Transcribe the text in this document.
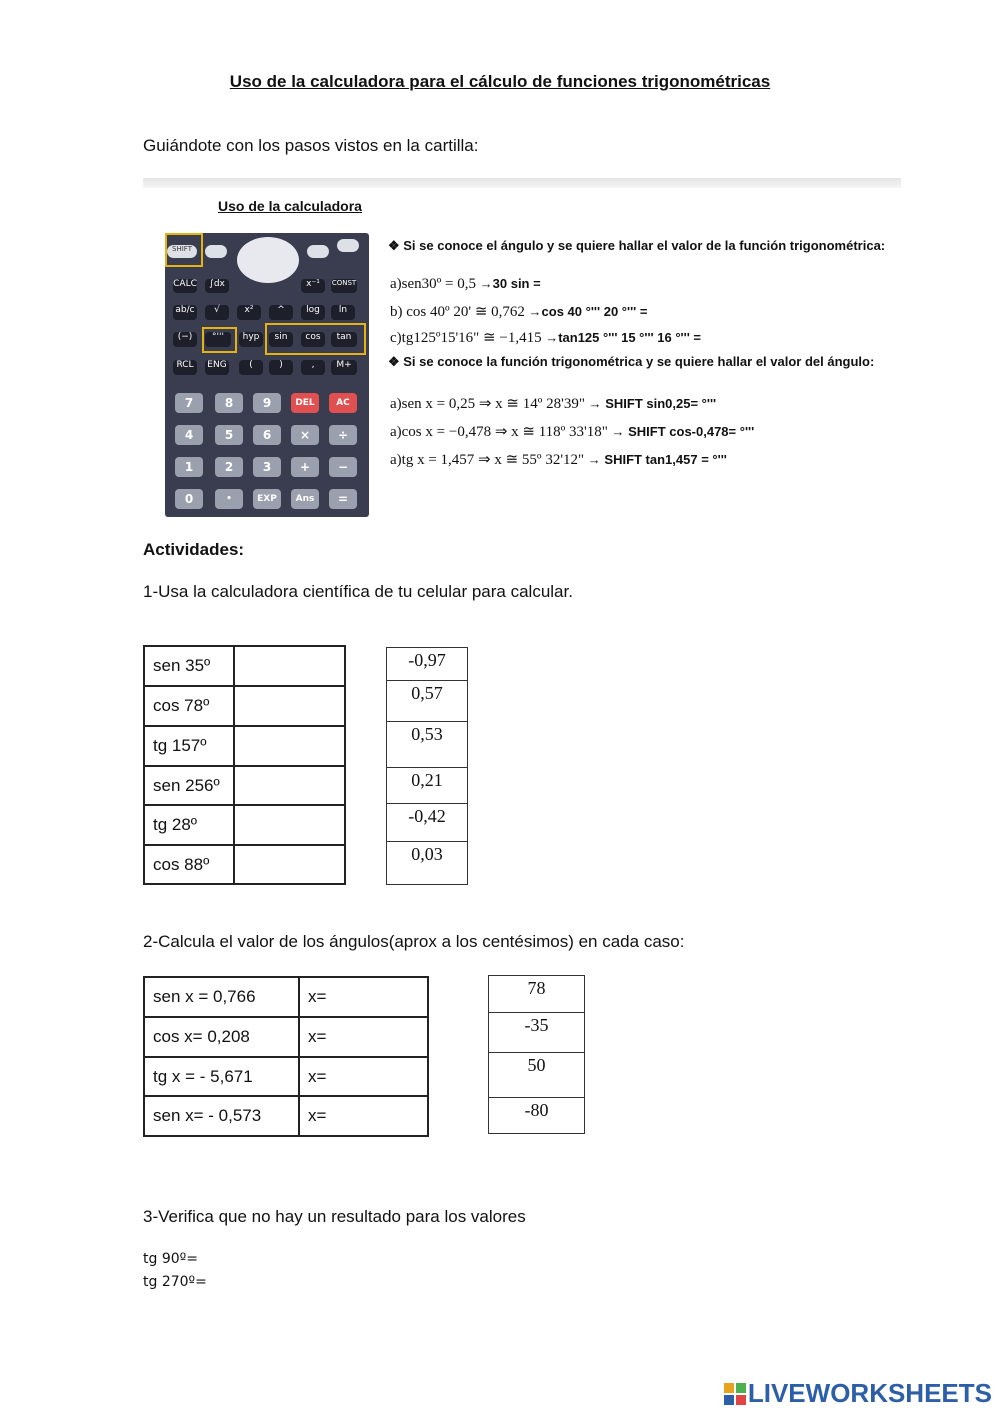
Uso de la calculadora para el cálculo de funciones trigonométricas
Guiándote con los pasos vistos en la cartilla:
Uso de la calculadora
SHIFT
CALC	∫dx	x⁻¹	CONST
ab/c	√	x²	^	log	ln
(−)	°'''	hyp	sin	cos	tan
RCL	ENG	(	)	,	M+
7	8	9	DEL	AC
4	5	6	×	÷
1	2	3	+	−
0	•	EXP	Ans	=
❖ Si se conoce el ángulo y se quiere hallar el valor de la función trigonométrica:
a)sen30º = 0,5 →30 sin =
b) cos 40º 20' ≅ 0,762 →cos 40 °''' 20 °''' =
c)tg125º15'16" ≅ −1,415 →tan125 °''' 15 °''' 16 °''' =
❖ Si se conoce la función trigonométrica y se quiere hallar el valor del ángulo:
a)sen x = 0,25 ⇒ x ≅ 14º 28'39" → SHIFT sin0,25= °'''
a)cos x = −0,478 ⇒ x ≅ 118º 33'18" → SHIFT cos-0,478= °'''
a)tg x = 1,457 ⇒ x ≅ 55º 32'12" → SHIFT tan1,457 = °'''
Actividades:
1-Usa la calculadora científica de tu celular para calcular.
sen 35º	
cos 78º	
tg 157º	
sen 256º	
tg 28º	
cos 88º	
-0,97
0,57
0,53
0,21
-0,42
0,03
2-Calcula el valor de los ángulos(aprox a los centésimos) en cada caso:
sen x = 0,766	x=
cos x= 0,208	x=
tg x = - 5,671	x=
sen x= - 0,573	x=
78
-35
50
-80
3-Verifica que no hay un resultado para los valores
tg 90º=
tg 270º=
LIVEWORKSHEETS
